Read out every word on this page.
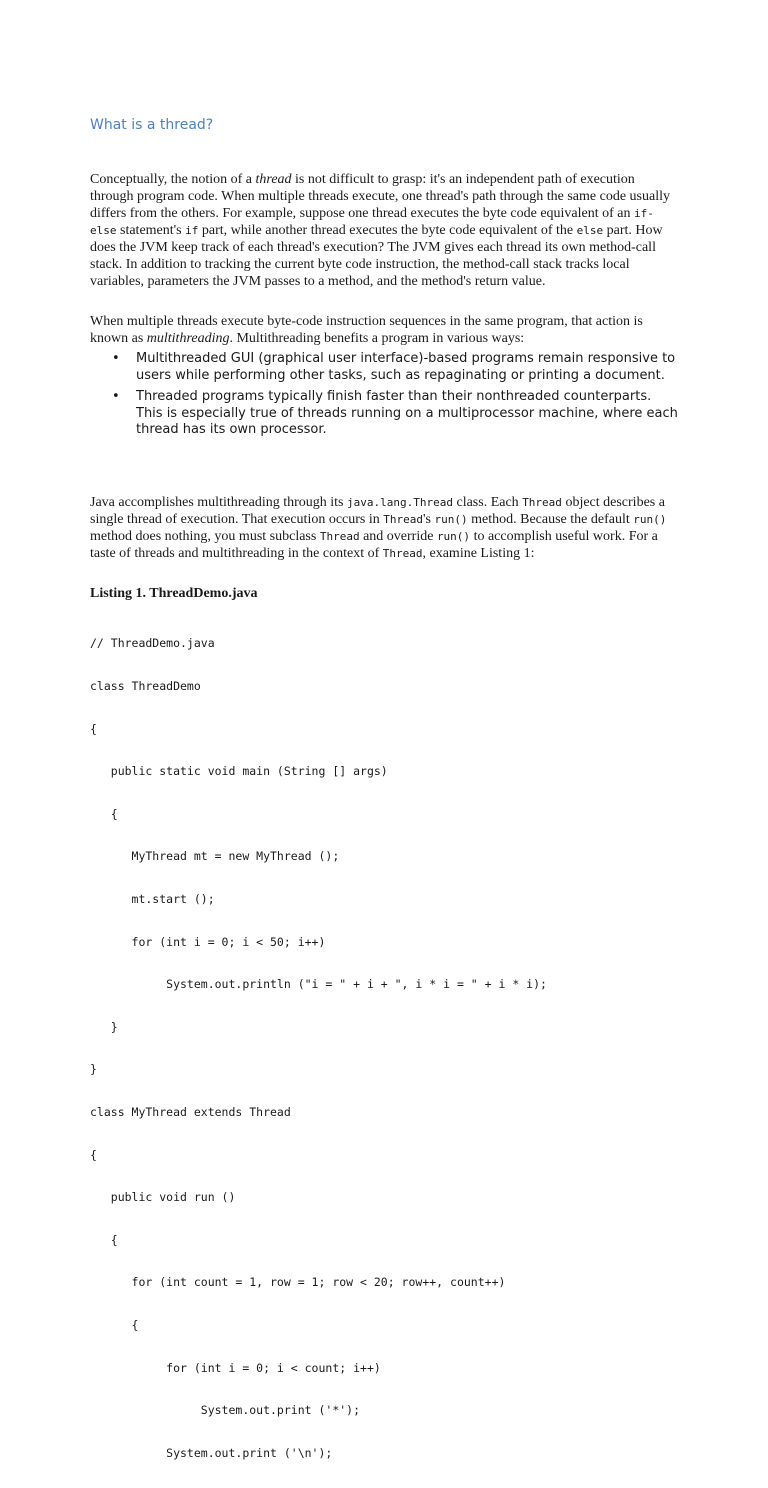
What is a thread?

Conceptually, the notion of a thread is not difficult to grasp: it's an independent path of execution through program code. When multiple threads execute, one thread's path through the same code usually differs from the others. For example, suppose one thread executes the byte code equivalent of an if-else statement's if part, while another thread executes the byte code equivalent of the else part. How does the JVM keep track of each thread's execution? The JVM gives each thread its own method-call stack. In addition to tracking the current byte code instruction, the method-call stack tracks local variables, parameters the JVM passes to a method, and the method's return value.

When multiple threads execute byte-code instruction sequences in the same program, that action is known as multithreading. Multithreading benefits a program in various ways:

• Multithreaded GUI (graphical user interface)-based programs remain responsive to users while performing other tasks, such as repaginating or printing a document.
• Threaded programs typically finish faster than their nonthreaded counterparts. This is especially true of threads running on a multiprocessor machine, where each thread has its own processor.

Java accomplishes multithreading through its java.lang.Thread class. Each Thread object describes a single thread of execution. That execution occurs in Thread's run() method. Because the default run() method does nothing, you must subclass Thread and override run() to accomplish useful work. For a taste of threads and multithreading in the context of Thread, examine Listing 1:

Listing 1. ThreadDemo.java

// ThreadDemo.java

class ThreadDemo

{

public static void main (String [] args)

{

MyThread mt = new MyThread ();

mt.start ();

for (int i = 0; i < 50; i++)

System.out.println ("i = " + i + ", i * i = " + i * i);

}

}

class MyThread extends Thread

{

public void run ()

{

for (int count = 1, row = 1; row < 20; row++, count++)

{

for (int i = 0; i < count; i++)

System.out.print ('*');

System.out.print ('\n');
